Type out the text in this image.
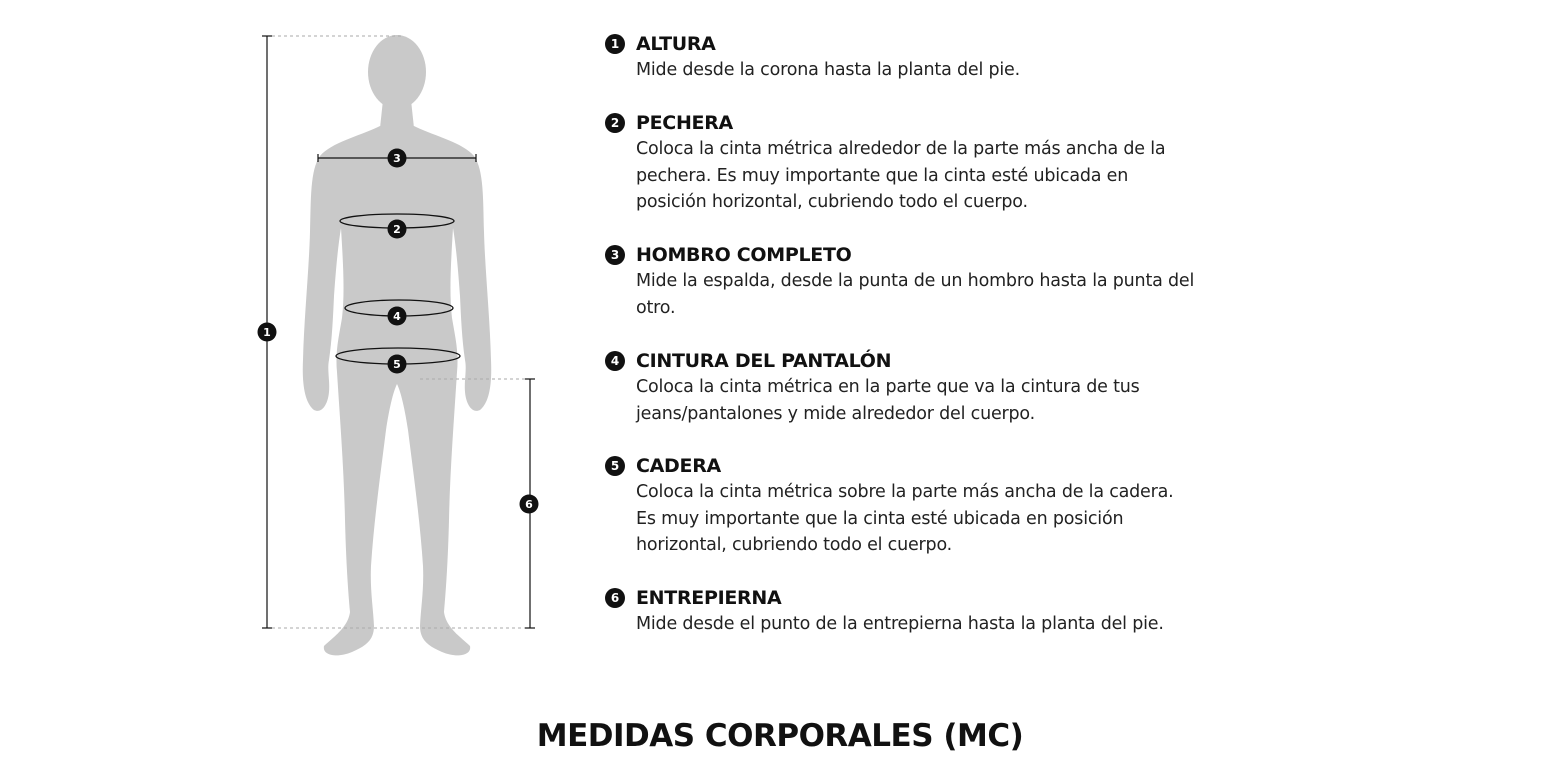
1
6
3
2
4
5
1 ALTURA
Mide desde la corona hasta la planta del pie.
2 PECHERA
Coloca la cinta métrica alrededor de la parte más ancha de la pechera. Es muy importante que la cinta esté ubicada en posición horizontal, cubriendo todo el cuerpo.
3 HOMBRO COMPLETO
Mide la espalda, desde la punta de un hombro hasta la punta del otro.
4 CINTURA DEL PANTALÓN
Coloca la cinta métrica en la parte que va la cintura de tus jeans/pantalones y mide alrededor del cuerpo.
5 CADERA
Coloca la cinta métrica sobre la parte más ancha de la cadera. Es muy importante que la cinta esté ubicada en posición horizontal, cubriendo todo el cuerpo.
6 ENTREPIERNA
Mide desde el punto de la entrepierna hasta la planta del pie.
MEDIDAS CORPORALES (MC)
